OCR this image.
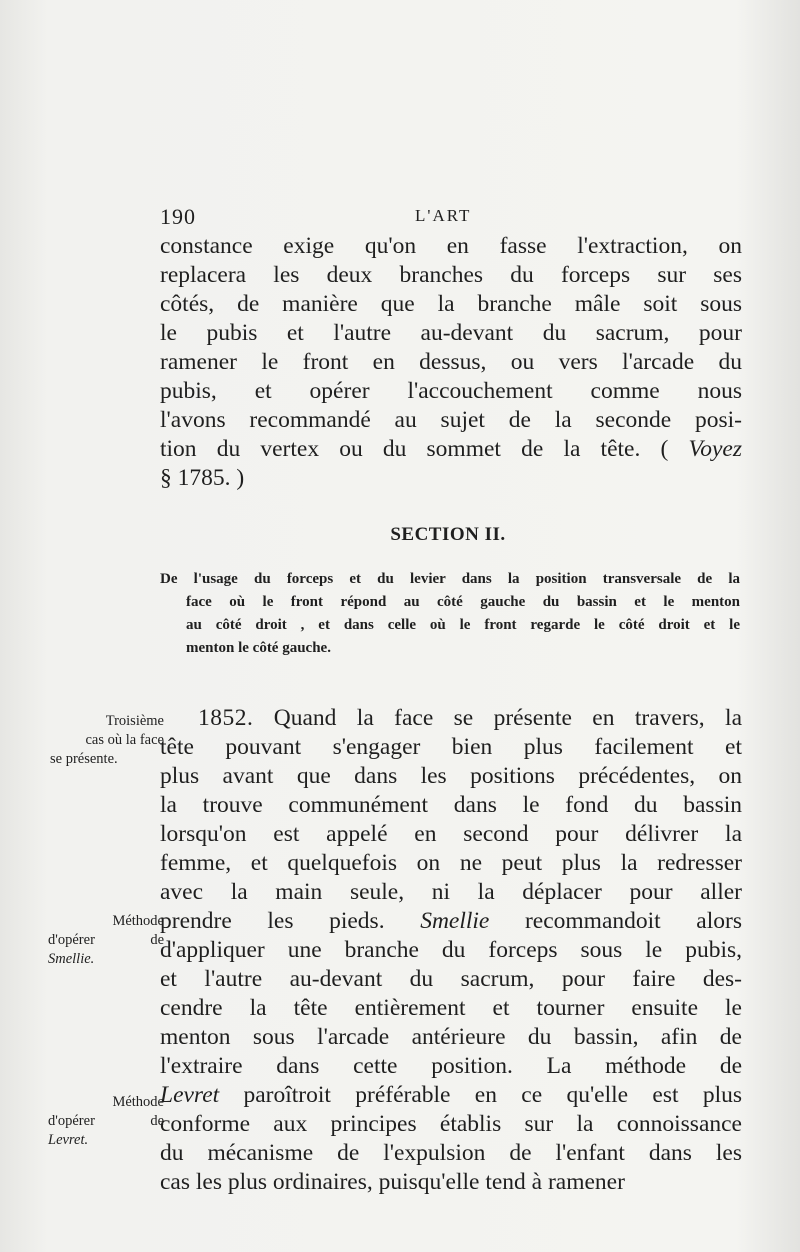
190	L'ART
constance exige qu'on en fasse l'extraction, on
replacera les deux branches du forceps sur ses
côtés, de manière que la branche mâle soit sous
le pubis et l'autre au-devant du sacrum, pour
ramener le front en dessus, ou vers l'arcade du
pubis, et opérer l'accouchement comme nous
l'avons recommandé au sujet de la seconde posi-
tion du vertex ou du sommet de la tête. ( Voyez
§ 1785. )
SECTION II.
De l'usage du forceps et du levier dans la position transversale de la
face où le front répond au côté gauche du bassin et le menton
au côté droit , et dans celle où le front regarde le côté droit et le
menton le côté gauche.
1852. Quand la face se présente en travers, la
tête pouvant s'engager bien plus facilement et
plus avant que dans les positions précédentes, on
la trouve communément dans le fond du bassin
lorsqu'on est appelé en second pour délivrer la
femme, et quelquefois on ne peut plus la redresser
avec la main seule, ni la déplacer pour aller
prendre les pieds. Smellie recommandoit alors
d'appliquer une branche du forceps sous le pubis,
et l'autre au-devant du sacrum, pour faire des-
cendre la tête entièrement et tourner ensuite le
menton sous l'arcade antérieure du bassin, afin de
l'extraire dans cette position. La méthode de
Levret paroîtroit préférable en ce qu'elle est plus
conforme aux principes établis sur la connoissance
du mécanisme de l'expulsion de l'enfant dans les
cas les plus ordinaires, puisqu'elle tend à ramener
Troisième
cas où la face
se présente.
Méthode
d'opérer	de
Smellie.
Méthode
d'opérer	de
Levret.
